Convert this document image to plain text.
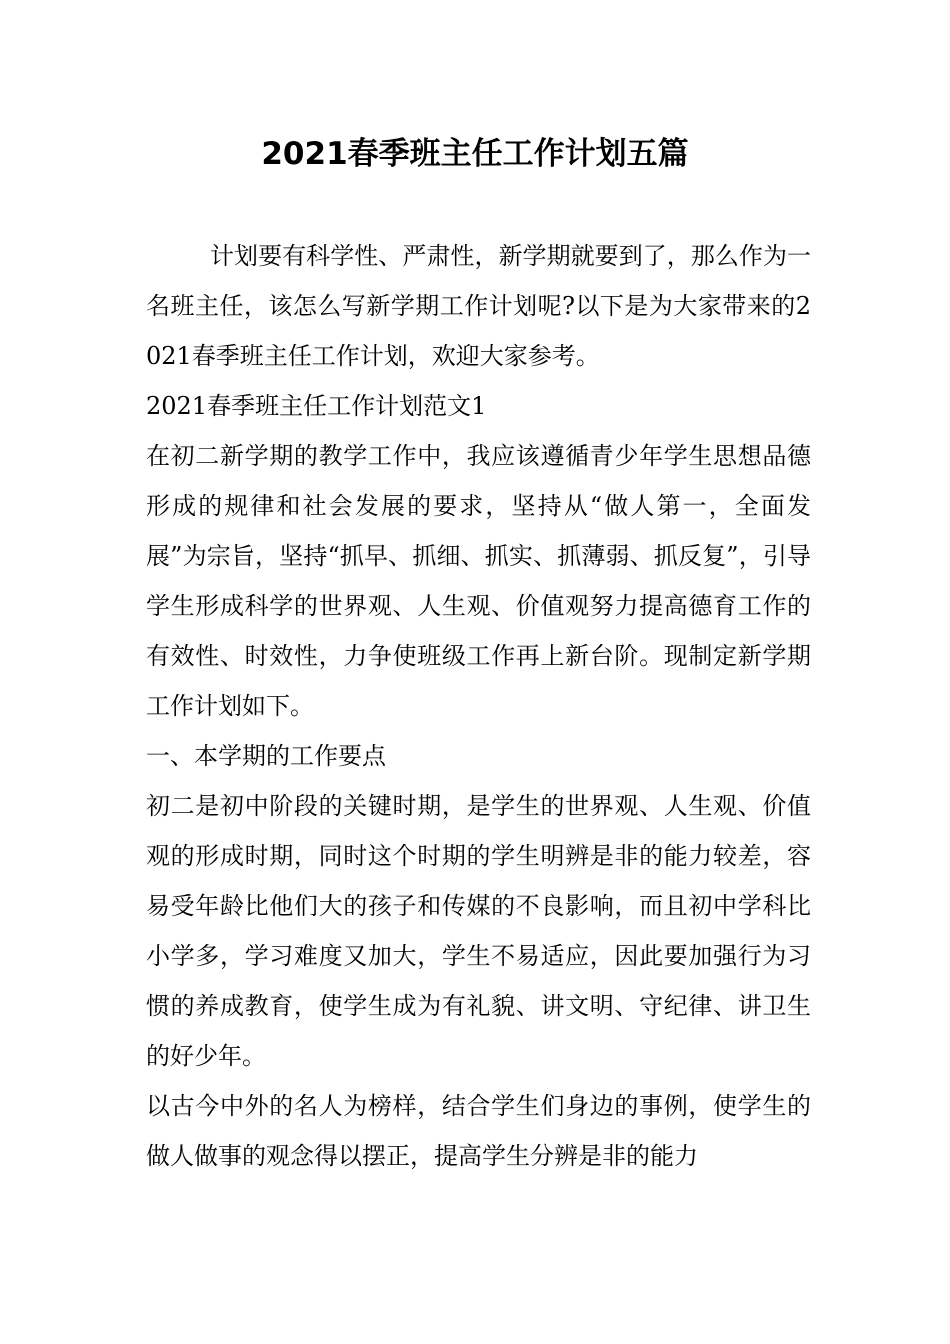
2021春季班主任工作计划五篇

计划要有科学性、严肃性，新学期就要到了，那么作为一名班主任，该怎么写新学期工作计划呢?以下是为大家带来的2021春季班主任工作计划，欢迎大家参考。

2021春季班主任工作计划范文1

在初二新学期的教学工作中，我应该遵循青少年学生思想品德形成的规律和社会发展的要求，坚持从“做人第一，全面发展”为宗旨，坚持“抓早、抓细、抓实、抓薄弱、抓反复”，引导学生形成科学的世界观、人生观、价值观努力提高德育工作的有效性、时效性，力争使班级工作再上新台阶。现制定新学期工作计划如下。

一、本学期的工作要点

初二是初中阶段的关键时期，是学生的世界观、人生观、价值观的形成时期，同时这个时期的学生明辨是非的能力较差，容易受年龄比他们大的孩子和传媒的不良影响，而且初中学科比小学多，学习难度又加大，学生不易适应，因此要加强行为习惯的养成教育，使学生成为有礼貌、讲文明、守纪律、讲卫生的好少年。

以古今中外的名人为榜样，结合学生们身边的事例，使学生的做人做事的观念得以摆正，提高学生分辨是非的能力
